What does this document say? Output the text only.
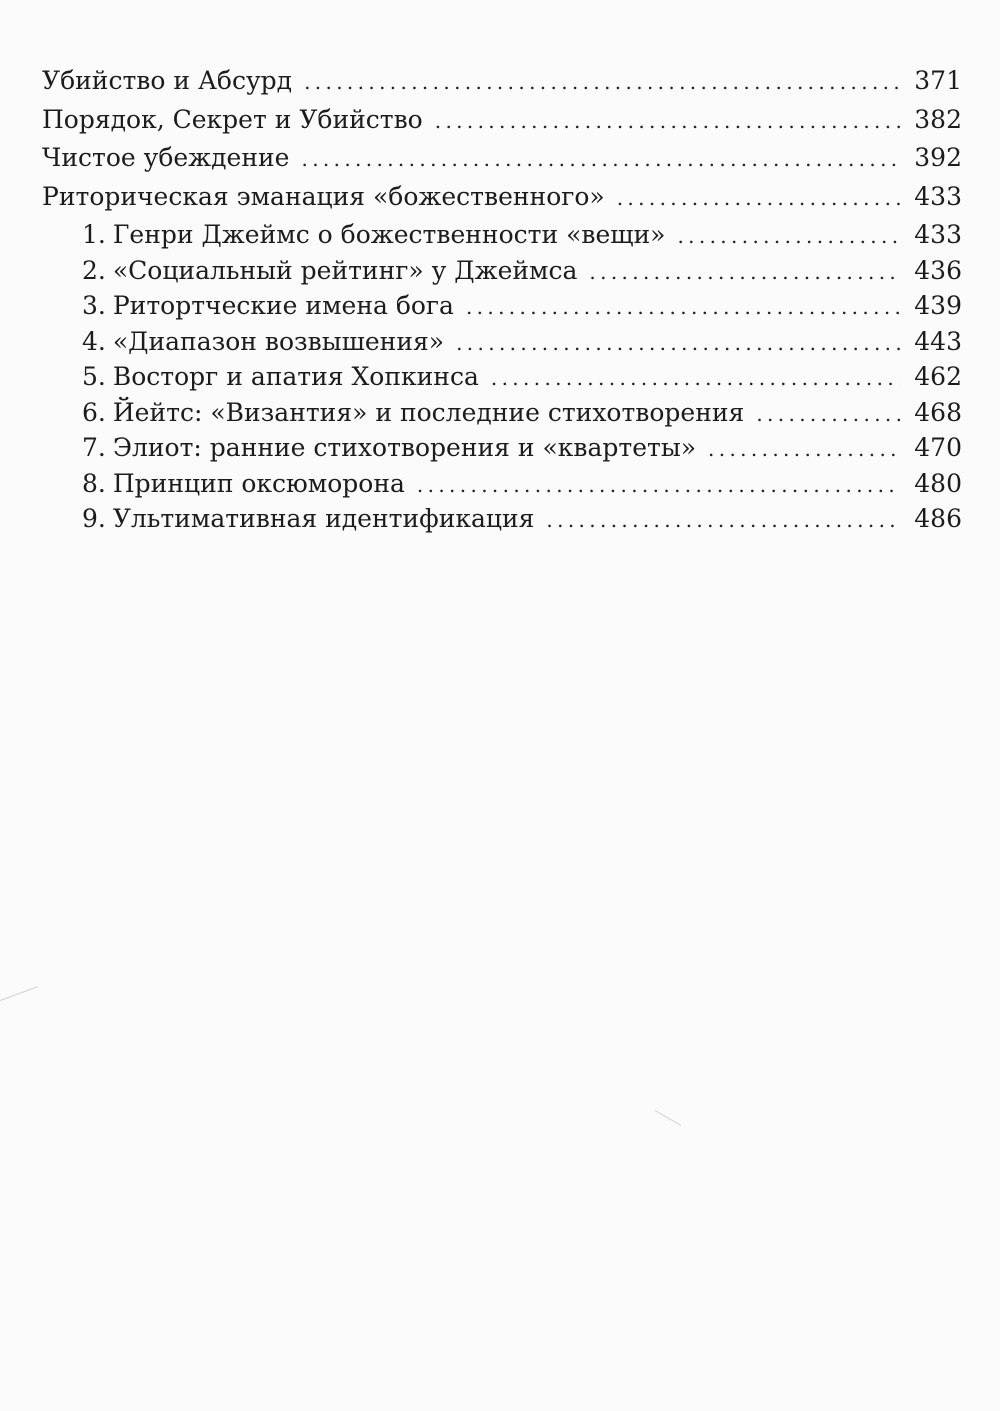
Убийство и Абсурд . . .	371
Порядок, Секрет и Убийство . . .	382
Чистое убеждение . . .	392
Риторическая эманация «божественного» . . .	433
1. Генри Джеймс о божественности «вещи» . . .	433
2. «Социальный рейтинг» у Джеймса . . .	436
3. Ритортческие имена бога . . .	439
4. «Диапазон возвышения» . . .	443
5. Восторг и апатия Хопкинса . . .	462
6. Йейтс: «Византия» и последние стихотворения . . .	468
7. Элиот: ранние стихотворения и «квартеты» . . .	470
8. Принцип оксюморона . . .	480
9. Ультимативная идентификация . . .	486
